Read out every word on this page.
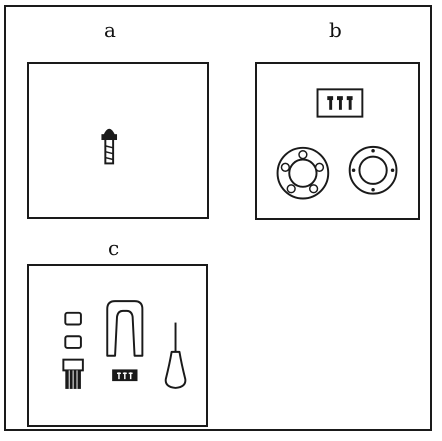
a	b
c
